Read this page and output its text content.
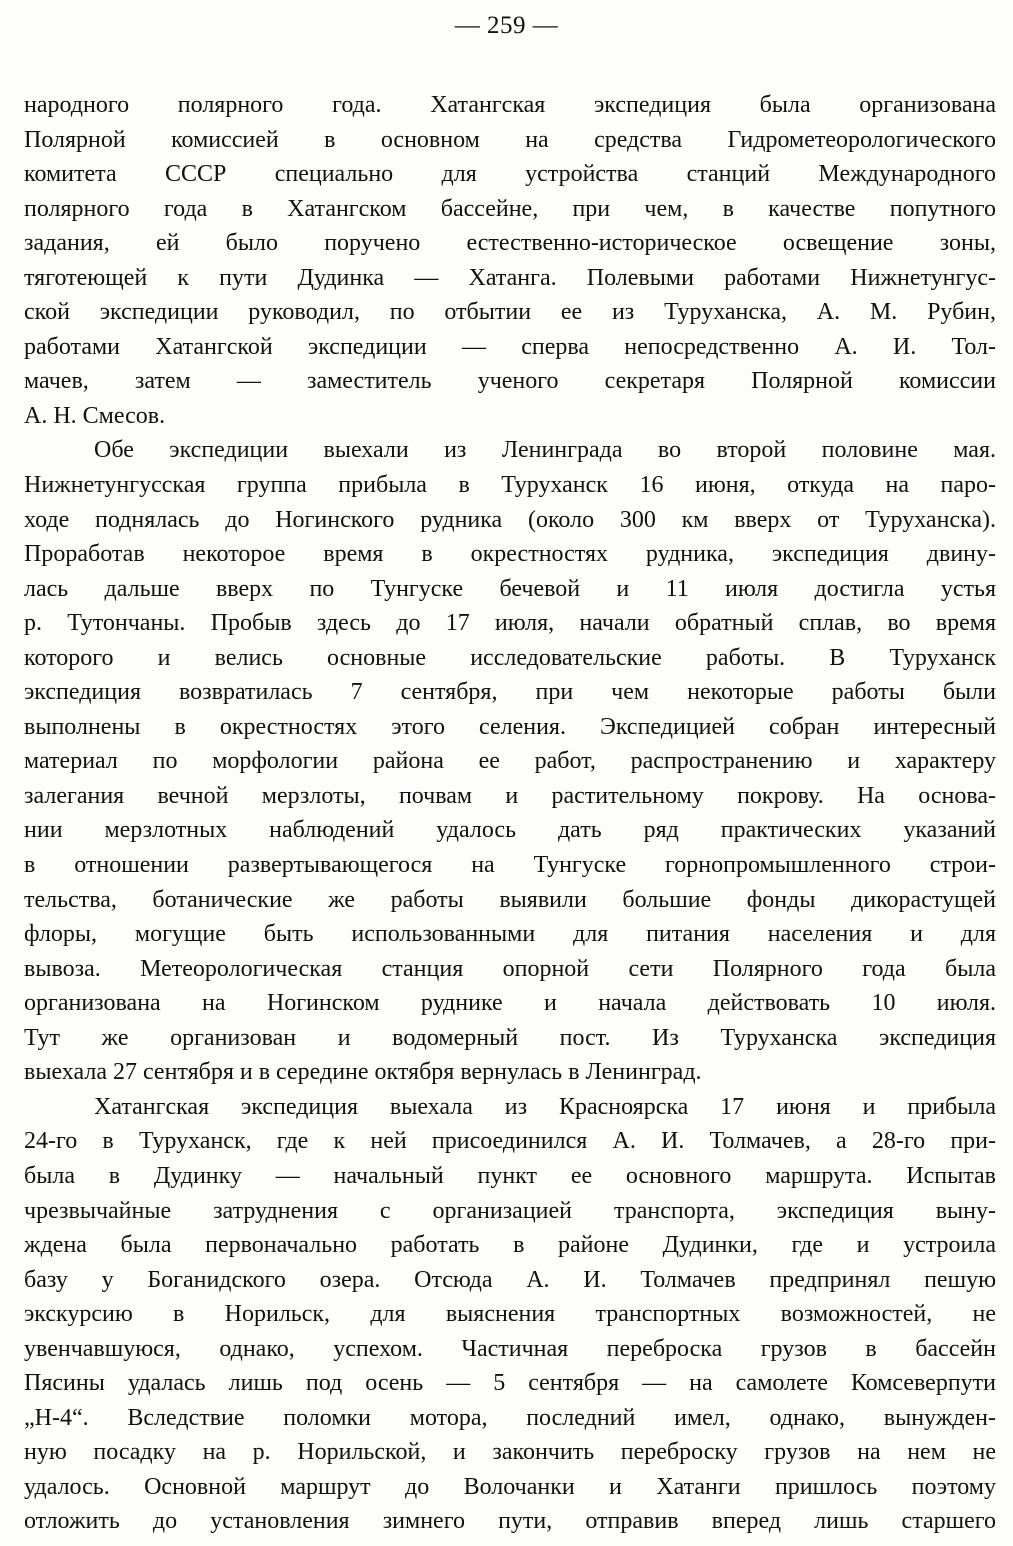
— 259 —
народного полярного года. Хатангская экспедиция была организована
Полярной комиссией в основном на средства Гидрометеорологического
комитета СССР специально для устройства станций Международного
полярного года в Хатангском бассейне, при чем, в качестве попутного
задания, ей было поручено естественно-историческое освещение зоны,
тяготеющей к пути Дудинка — Хатанга. Полевыми работами Нижнетунгус-
ской экспедиции руководил, по отбытии ее из Туруханска, А. М. Рубин,
работами Хатангской экспедиции — сперва непосредственно А. И. Тол-
мачев, затем — заместитель ученого секретаря Полярной комиссии
А. Н. Смесов.
Обе экспедиции выехали из Ленинграда во второй половине мая.
Нижнетунгусская группа прибыла в Туруханск 16 июня, откуда на паро-
ходе поднялась до Ногинского рудника (около 300 км вверх от Туруханска).
Проработав некоторое время в окрестностях рудника, экспедиция двину-
лась дальше вверх по Тунгуске бечевой и 11 июля достигла устья
р. Тутончаны. Пробыв здесь до 17 июля, начали обратный сплав, во время
которого и велись основные исследовательские работы. В Туруханск
экспедиция возвратилась 7 сентября, при чем некоторые работы были
выполнены в окрестностях этого селения. Экспедицией собран интересный
материал по морфологии района ее работ, распространению и характеру
залегания вечной мерзлоты, почвам и растительному покрову. На основа-
нии мерзлотных наблюдений удалось дать ряд практических указаний
в отношении развертывающегося на Тунгуске горнопромышленного строи-
тельства, ботанические же работы выявили большие фонды дикорастущей
флоры, могущие быть использованными для питания населения и для
вывоза. Метеорологическая станция опорной сети Полярного года была
организована на Ногинском руднике и начала действовать 10 июля.
Тут же организован и водомерный пост. Из Туруханска экспедиция
выехала 27 сентября и в середине октября вернулась в Ленинград.
Хатангская экспедиция выехала из Красноярска 17 июня и прибыла
24-го в Туруханск, где к ней присоединился А. И. Толмачев, а 28-го при-
была в Дудинку — начальный пункт ее основного маршрута. Испытав
чрезвычайные затруднения с организацией транспорта, экспедиция выну-
ждена была первоначально работать в районе Дудинки, где и устроила
базу у Боганидского озера. Отсюда А. И. Толмачев предпринял пешую
экскурсию в Норильск, для выяснения транспортных возможностей, не
увенчавшуюся, однако, успехом. Частичная переброска грузов в бассейн
Пясины удалась лишь под осень — 5 сентября — на самолете Комсеверпути
„Н-4“. Вследствие поломки мотора, последний имел, однако, вынужден-
ную посадку на р. Норильской, и закончить переброску грузов на нем не
удалось. Основной маршрут до Волочанки и Хатанги пришлось поэтому
отложить до установления зимнего пути, отправив вперед лишь старшего
